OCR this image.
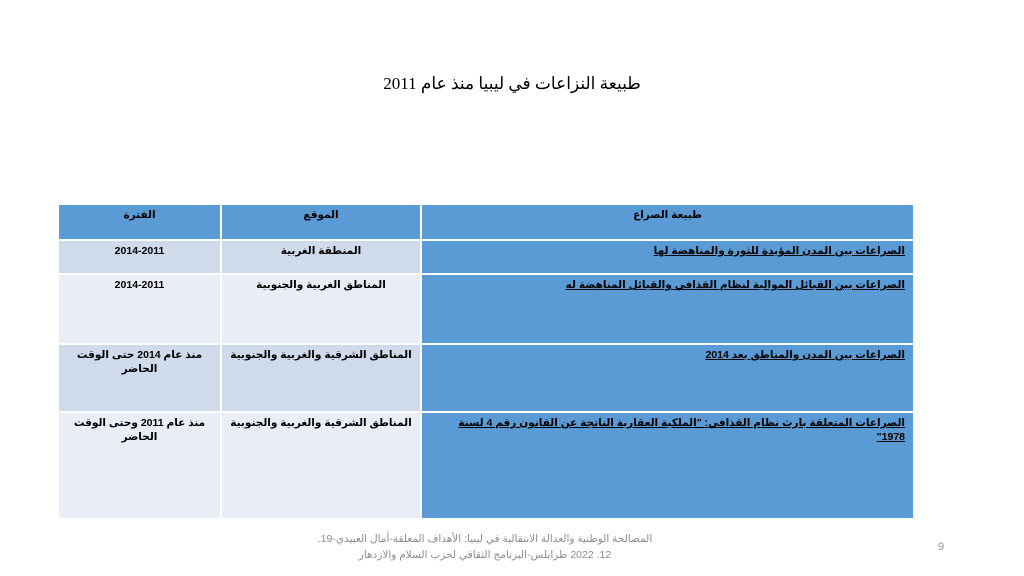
طبيعة النزاعات في ليبيا منذ عام 2011
طبيعة الصراع	الموقع	الفترة
الصراعات بين المدن المؤيدة للثورة والمناهضة لها	المنطقة الغربية	2014-2011
الصراعات بين القبائل الموالية لنظام القذافي والقبائل المناهضة له	المناطق الغربية والجنوبية	2014-2011
الصراعات بين المدن والمناطق بعد 2014	المناطق الشرقية والغربية والجنوبية	منذ عام 2014 حتى الوقت الحاضر
الصراعات المتعلقة بارث نظام القذافي: "الملكية العقارية الناتجة عن القانون رقم 4 لسنة 1978"	المناطق الشرقية والغربية والجنوبية	منذ عام 2011 وحتى الوقت الحاضر
المصالحة الوطنية والعدالة الانتقالية في ليبيا: الأهداف المعلقة-أمال العبيدي-19.
12. 2022 طرابلس-البرنامج الثقافي لحزب السلام والازدهار
9
